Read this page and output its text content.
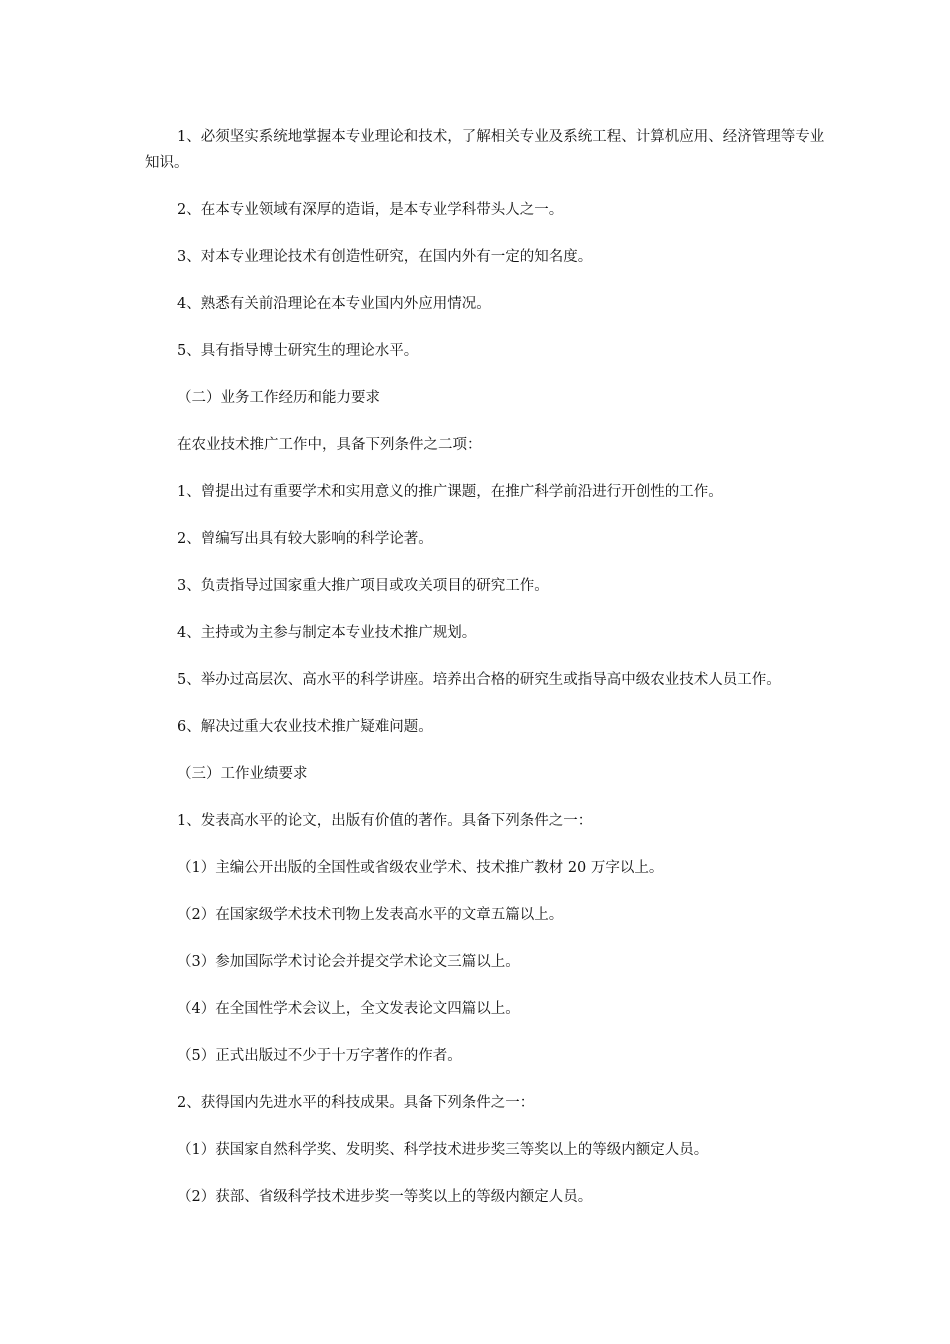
1、必须坚实系统地掌握本专业理论和技术，了解相关专业及系统工程、计算机应用、经济管理等专业知识。
2、在本专业领域有深厚的造诣，是本专业学科带头人之一。
3、对本专业理论技术有创造性研究，在国内外有一定的知名度。
4、熟悉有关前沿理论在本专业国内外应用情况。
5、具有指导博士研究生的理论水平。
（二）业务工作经历和能力要求
在农业技术推广工作中，具备下列条件之二项：
1、曾提出过有重要学术和实用意义的推广课题，在推广科学前沿进行开创性的工作。
2、曾编写出具有较大影响的科学论著。
3、负责指导过国家重大推广项目或攻关项目的研究工作。
4、主持或为主参与制定本专业技术推广规划。
5、举办过高层次、高水平的科学讲座。培养出合格的研究生或指导高中级农业技术人员工作。
6、解决过重大农业技术推广疑难问题。
（三）工作业绩要求
1、发表高水平的论文，出版有价值的著作。具备下列条件之一：
（1）主编公开出版的全国性或省级农业学术、技术推广教材 20 万字以上。
（2）在国家级学术技术刊物上发表高水平的文章五篇以上。
（3）参加国际学术讨论会并提交学术论文三篇以上。
（4）在全国性学术会议上，全文发表论文四篇以上。
（5）正式出版过不少于十万字著作的作者。
2、获得国内先进水平的科技成果。具备下列条件之一：
（1）获国家自然科学奖、发明奖、科学技术进步奖三等奖以上的等级内额定人员。
（2）获部、省级科学技术进步奖一等奖以上的等级内额定人员。
